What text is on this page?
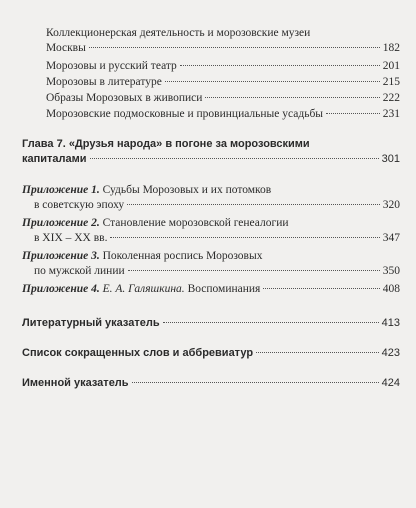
Коллекционерская деятельность и морозовские музеи
Москвы	182
Морозовы и русский театр	201
Морозовы в литературе	215
Образы Морозовых в живописи	222
Морозовские подмосковные и провинциальные усадьбы	231
Глава 7. «Друзья народа» в погоне за морозовскими
капиталами	301
Приложение 1. Судьбы Морозовых и их потомков
в советскую эпоху	320
Приложение 2. Становление морозовской генеалогии
в XIX – XX вв.	347
Приложение 3. Поколенная роспись Морозовых
по мужской линии	350
Приложение 4. Е. А. Галяшкина. Воспоминания	408
Литературный указатель	413
Список сокращенных слов и аббревиатур	423
Именной указатель	424
